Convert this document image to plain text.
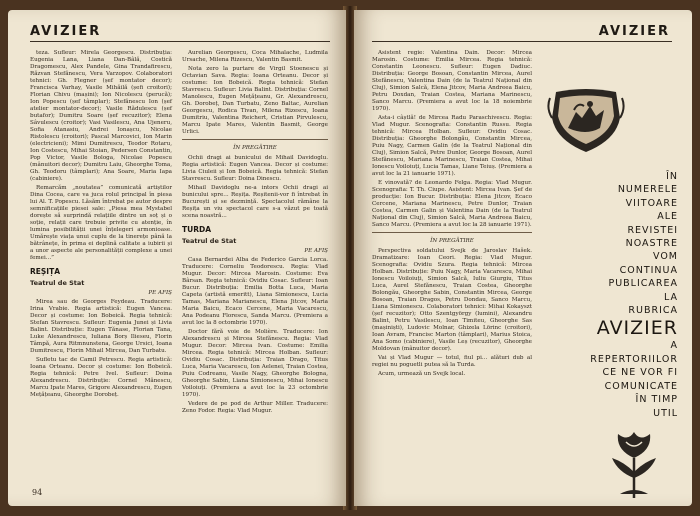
AVIZIER

teza. Sufleur: Mirela Georgescu. Distribuția: Eugenia Lana, Liana Dan-Bâlă, Costică Dragomescu, Alex Pandele, Gina Trandafirescu, Răzvan Stefănescu, Vera Varzopov. Colaboratori tehnici: Gh. Flegner (șef montator decor); Francisca Varhay, Vasile Mihăilă (șefi croitori); Florian Chivu (mașini); Ion Nicolescu (perucă); Ion Popescu (șef tâmplar); Stefănescu Ion (șef atelier montator-decor); Vasile Rădulescu (șef butafor); Dumitru Soare (șef recuzitor); Elena Sâvulescu (croitor); Vasi Vasilescu, Ana Ujeneru, Sofia Atanasiu, Andrei Ionașcu, Nicolae Ristolescu (croitori); Pascal Marcovici, Ion Marin (electricieni); Mimi Dumitrescu, Teodor Rotaru, Ion Costescu, Mihai Stoian, Pedersen Constantin, Pop Victor, Vasile Bologa, Nicolae Popescu (mânuitori decor); Dumitru Laiu, Gheorghe Toma, Gh. Teodoru (tâmplari); Ana Soare, Maria Iapa (cabiniere).

Remarcăm „noutatea” comunicată artiștilor Dina Cocea, care va juca rolul principal în piesa lui Al. T. Popescu. Lăsăm întrebat pe autor despre semnificațiile piesei sale: „Piesa mea Mystabel dorește să surprindă relațiile dintre un soț și o soție, relații care trebuie privite cu atenție, în lumina posibilității unei înțelegeri armonioase. Umărește viața unui cuplu de la tinerețe până la bătrânețe, în prima ei deplină calitate a iubirii și a unor aspecte ale personalității complexe a unei femei...”

REȘIȚA
Teatrul de Stat

PE AFIȘ

Mirea sau de Georges Feydeau. Traducere: Irina Vrabie. Regia artistică: Eugen Vancea. Decor și costume: Ion Bobeică. Regia tehnică: Stefan Stavrescu. Sufleur: Eugenia Junei și Livia Balint. Distribuție: Eugen Tănase, Florian Tana, Luke Alexandrescu, Iuliana Borș Ilieseu, Florin Tâmpă, Aura Ritmnunstena, George Ursici, Ioana Dumitrescu, Florin Mihail Mircea, Dan Turbatu.

Sufletu tac de Camil Petrescu. Regia artistică: Ioana Orteanu. Decor și costume: Ion Bobeică. Regia tehnică: Petre Ivel. Sufleur: Doina Alexandrescu. Distribuție: Cornel Mănescu, Marcu Ipate Mares, Grigore Alexandrescu, Eugen Mețățeanu, Gheorghe Dorobeț.

Aurelian Georgescu, Coca Mihalache, Ludmila Ursache, Milena Rizescu, Valentin Basmit.

Nota zero la purtare de Virgil Stoenescu și Octavian Sava. Regia: Ioana Orteanu. Decor și costume: Ion Bobeică. Regia tehnică: Stefan Stavrescu. Sufleur: Livia Balint. Distribuția: Cornel Manolescu, Eugen Mețățeanu, Gr. Alexandrescu, Gh. Dorobeț, Dan Turbatu, Zeno Baltac, Aurelian Georgescu, Rodica Tivan, Milena Rizescu, Ioana Dumitriu, Valentina Reichert, Cristian Pirvulescu, Marcu Ipate Mares, Valentin Basmit, George Urlici.

ÎN PREGĂTIRE

Ochii dragi ai bunicului de Mihail Davidoglu. Regia artistică: Eugen Vancea. Decor și costume: Livia Ciuleii și Ion Bobeică. Regia tehnică: Stefan Stavrescu. Sufleur: Doina Dinescu.

Mihail Davidoglu ne-a intors Ochii dragi ai bunicului spre... Reșița. Reșitenii-vor fi întrebat în București și se dezmință. Spectacolul rămâne la Reșița un viu spectacol care s-a văzut pe toată scena noastră...

TURDA
Teatrul de Stat

PE AFIȘ

Casa Bernardei Alba de Federico Garcia Lorca. Traducere: Corneliu Teodorescu. Regia: Vlad Mugur. Decor: Mircea Marosin. Costume: Eva Bârsan. Regia tehnică: Ovidiu Cosac. Sufleur: Ioan Bucur. Distribuția: Emilia Botta Luca, Maria Capeta (artistă emeritt), Liana Simionescu, Lucia Tamas, Mariana Marianescu, Elena Jitcov, Maria Maria Baicu, Ecaco Cercene, Maria Vacarescu, Ana Podeanu Florescu, Sanda Marcu. (Premiera a avut loc la 8 octombrie 1970).

Doctor fără voie de Molière. Traducere: Ion Alexandrescu și Mircea Stefănescu. Regia: Vlad Mugur. Decor: Mircea Ivan. Costume: Emilia Mircea. Regia tehnică: Mircea Holban. Sufleur: Ovidiu Cosac. Distribuția: Traian Drago, Titus Luca, Maria Vacarescu, Ion Aelenei, Traian Costea, Puiu Codreanu, Vasile Nagy, Gheorghe Bologna, Gheorghe Sabin, Liana Simionescu, Mihai Ionescu Voiloiuți. (Premiera a avut loc la 23 octombrie 1970).

Vedere de pe pod de Arthur Miller. Traducere: Zeno Fodor. Regia: Vlad Mugur.

94
AVIZIER

Asistent regie: Valentina Dain. Decor: Mircea Marosin. Costume: Emilia Mircea. Regia tehnică: Constantin Leonescu. Sufleur: Eugen Dadiuc. Distribuția: George Bosoan, Constantin Mircea, Aurel Stefănescu, Valentina Dain (de la Teatrul Național din Cluj), Simion Salcă, Elena Jitcov, Maria Andreea Baicu, Petru Doxdan, Traian Costea, Mariana Marinescu, Sanco Marcu. (Premiera a avut loc la 18 noiembrie 1970).

Asta-i câștlă! de Mircea Radu Paraschivescu. Regia: Vlad Mugur. Scenografia: Constantin Russu. Regia tehnică: Mircea Holban. Sufleur: Ovidiu Cosac. Distribuția: Gheorghe Bolongău, Constantin Mircea, Puiu Nagy, Carmen Galin (de la Teatrul Național din Cluj), Simion Salcă, Petre Dunlor, George Bosoan, Aurel Stefănescu, Mariana Marinescu, Traian Costea, Mihai Ionescu Voiloiuți, Lucia Tamas, Liane Teiuș. (Premiera a avut loc la 21 ianuarie 1971).

E vinovată? de Leonardo Felga. Regia: Vlad Mugur. Scenografia: T. Th. Ciupe. Asistent: Mircea Ivan. Șef de producție: Ion Bucur. Distribuția: Elena Jitcov, Ecaco Cercene, Mariana Marinescu, Petre Dunlor, Traian Costea, Carmen Galin și Valentina Dain (de la Teatrul Național din Cluj), Simion Salcă, Maria Andreea Baicu, Sanco Marcu. (Premiera a avut loc la 28 ianuarie 1971).

ÎN PREGĂTIRE

Perspectiva soldatului Svejk de Jaroslav Hašek. Dramatizare: Ioan Ceori. Regia: Vlad Mugur. Scenografia: Ovidiu Szura. Regia tehnică: Mircea Holban. Distribuție: Puiu Nagy, Maria Vacarescu, Mihai Ionescu Voiloiuți, Simion Salcă, Iuliu Giurgiu, Titus Luca, Aurel Stefănescu, Traian Costea, Gheorghe Bolongău, Gheorghe Sabin, Constantin Mircea, George Bosoan, Traian Dragos, Petru Dondau, Sanco Marcu, Liana Simionescu. Colaboratori tehnici: Mihai Kokayszt (șef recuzitor); Otto Szentgyörgy (lumini), Alexandru Balint, Petru Vasilescu, Ioan Timiteu, Gheorghe Sas (mașiniști), Ludovic Molnar, Ghizela Lörinc (croitori), Ioan Avram, Francisc Marton (tâmplari), Marius Stoica, Ana Somo (cabiniere), Vasile Leș (recuzitor), Gheorghe Moldovan (mânuitor decor).

Vai și Vlad Mugur — totul, fiul pi... alături dub al regiei nu poguetli putea să la Turda.

Acum, urmează un Svejk local.

ÎN
NUMERELE
VIITOARE
ALE
REVISTEI
NOASTRE
VOM
CONTINUA
PUBLICAREA
LA
RUBRICA
AVIZIER
A
REPERTORIILOR
CE NE VOR FI
COMUNICATE
ÎN TIMP
UTIL
